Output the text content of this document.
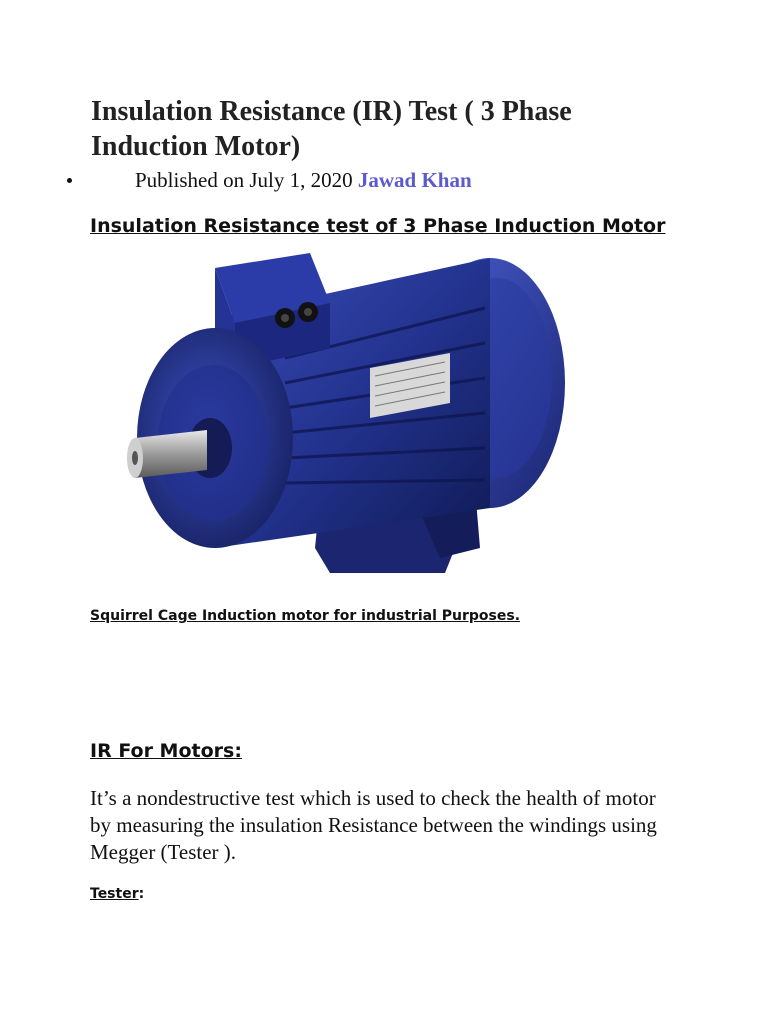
Insulation Resistance (IR) Test ( 3 Phase Induction Motor)
Published on July 1, 2020 Jawad Khan
Insulation Resistance test of 3 Phase Induction Motor

Squirrel Cage Induction motor for industrial Purposes.

IR For Motors:

It’s a nondestructive test which is used to check the health of motor by measuring the insulation Resistance between the windings using Megger (Tester ).

Tester:
